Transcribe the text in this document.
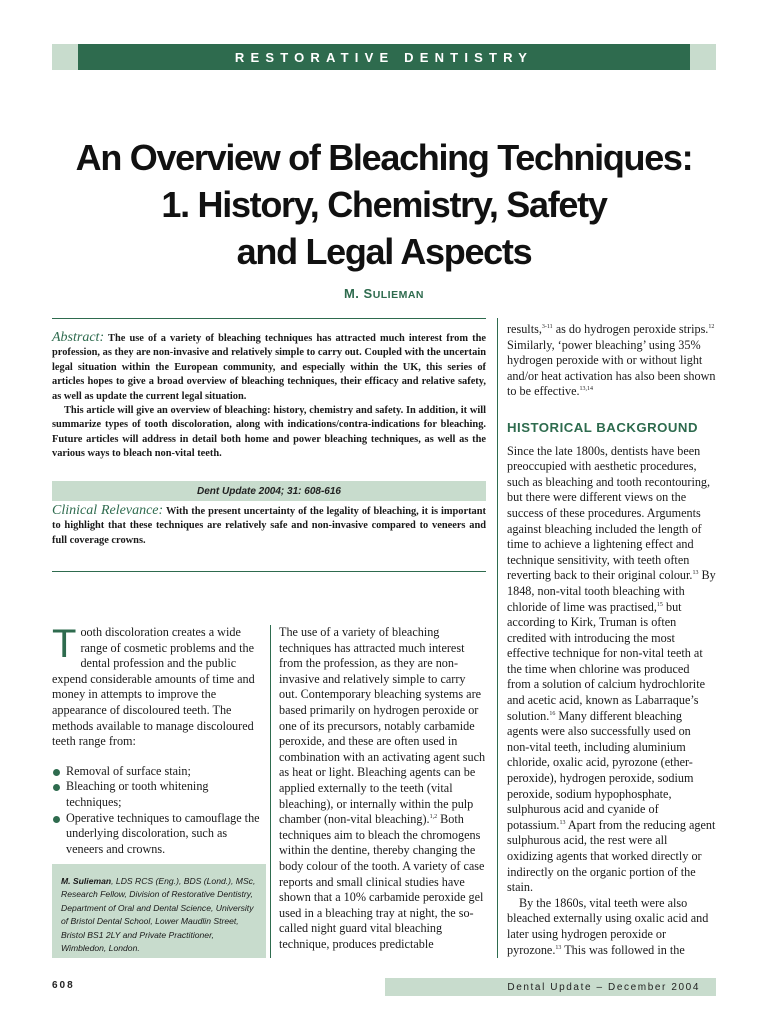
RESTORATIVE DENTISTRY
An Overview of Bleaching Techniques:
1. History, Chemistry, Safety
and Legal Aspects
M. SULIEMAN

Abstract: The use of a variety of bleaching techniques has attracted much interest from the profession, as they are non-invasive and relatively simple to carry out. Coupled with the uncertain legal situation within the European community, and especially within the UK, this series of articles hopes to give a broad overview of bleaching techniques, their efficacy and relative safety, as well as update the current legal situation.

This article will give an overview of bleaching: history, chemistry and safety. In addition, it will summarize types of tooth discoloration, along with indications/contra-indications for bleaching. Future articles will address in detail both home and power bleaching techniques, as well as the various ways to bleach non-vital teeth.

Dent Update 2004; 31: 608-616

Clinical Relevance: With the present uncertainty of the legality of bleaching, it is important to highlight that these techniques are relatively safe and non-invasive compared to veneers and full coverage crowns.

Tooth discoloration creates a wide range of cosmetic problems and the dental profession and the public expend considerable amounts of time and money in attempts to improve the appearance of discoloured teeth. The methods available to manage discoloured teeth range from:

Removal of surface stain;
Bleaching or tooth whitening techniques;
Operative techniques to camouflage the underlying discoloration, such as veneers and crowns.
M. Sulieman, LDS RCS (Eng.), BDS (Lond.), MSc, Research Fellow, Division of Restorative Dentistry, Department of Oral and Dental Science, University of Bristol Dental School, Lower Maudlin Street, Bristol BS1 2LY and Private Practitioner, Wimbledon, London.

The use of a variety of bleaching techniques has attracted much interest from the profession, as they are non-invasive and relatively simple to carry out. Contemporary bleaching systems are based primarily on hydrogen peroxide or one of its precursors, notably carbamide peroxide, and these are often used in combination with an activating agent such as heat or light. Bleaching agents can be applied externally to the teeth (vital bleaching), or internally within the pulp chamber (non-vital bleaching).$^{1,2}$ Both techniques aim to bleach the chromogens within the dentine, thereby changing the body colour of the tooth. A variety of case reports and small clinical studies have shown that a 10% carbamide peroxide gel used in a bleaching tray at night, the so-called night guard vital bleaching technique, produces predictable

results,$^{3-11}$ as do hydrogen peroxide strips.$^{12}$ Similarly, ‘power bleaching’ using 35% hydrogen peroxide with or without light and/or heat activation has also been shown to be effective.$^{13,14}$

HISTORICAL BACKGROUND

Since the late 1800s, dentists have been preoccupied with aesthetic procedures, such as bleaching and tooth recontouring, but there were different views on the success of these procedures. Arguments against bleaching included the length of time to achieve a lightening effect and technique sensitivity, with teeth often reverting back to their original colour.$^{13}$ By 1848, non-vital tooth bleaching with chloride of lime was practised,$^{15}$ but according to Kirk, Truman is often credited with introducing the most effective technique for non-vital teeth at the time when chlorine was produced from a solution of calcium hydrochlorite and acetic acid, known as Labarraque’s solution.$^{16}$ Many different bleaching agents were also successfully used on non-vital teeth, including aluminium chloride, oxalic acid, pyrozone (ether-peroxide), hydrogen peroxide, sodium peroxide, sodium hypophosphate, sulphurous acid and cyanide of potassium.$^{13}$ Apart from the reducing agent sulphurous acid, the rest were all oxidizing agents that worked directly or indirectly on the organic portion of the stain.

By the 1860s, vital teeth were also bleached externally using oxalic acid and later using hydrogen peroxide or pyrozone.$^{13}$ This was followed in the

608	Dental Update – December 2004
